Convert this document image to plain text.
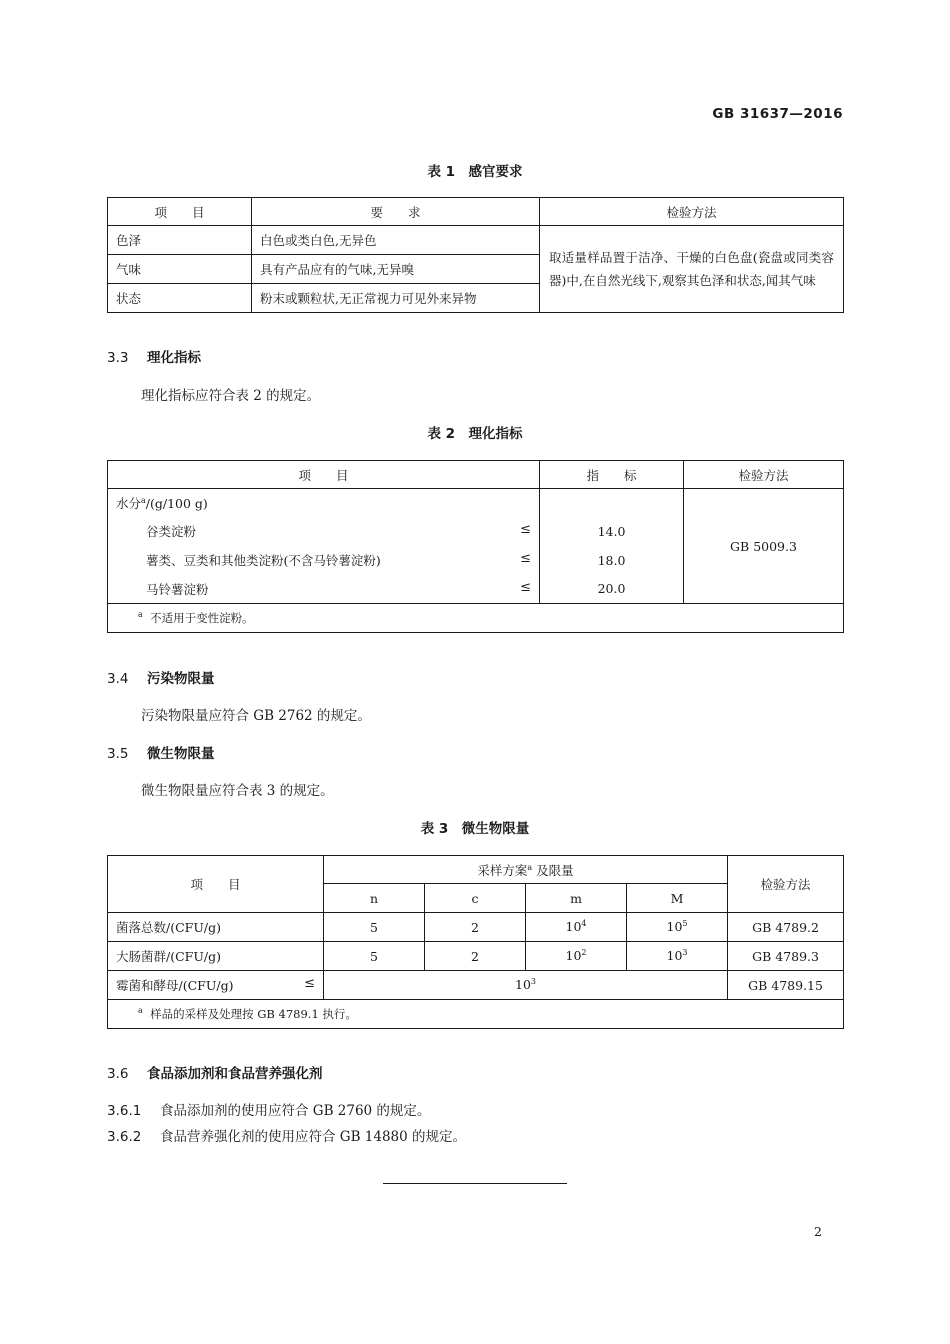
GB 31637—2016
表 1　感官要求
项　　目	要　　求	检验方法
色泽	白色或类白色,无异色	取适量样品置于洁净、干燥的白色盘(瓷盘或同类容器)中,在自然光线下,观察其色泽和状态,闻其气味
气味	具有产品应有的气味,无异嗅	
状态	粉末或颗粒状,无正常视力可见外来异物	
3.3 理化指标
理化指标应符合表 2 的规定。
表 2　理化指标
项　　目	指　　标	检验方法
水分$^a$/(g/100 g)		GB 5009.3
谷类淀粉 ≤	14.0	
薯类、豆类和其他类淀粉(不含马铃薯淀粉) ≤	18.0	
马铃薯淀粉 ≤	20.0	
$^a$ 不适用于变性淀粉。		
3.4 污染物限量
污染物限量应符合 GB 2762 的规定。
3.5 微生物限量
微生物限量应符合表 3 的规定。
表 3　微生物限量
项　　目	采样方案$^a$ 及限量				检验方法
	n	c	m	M	
菌落总数/(CFU/g)	5	2	$10^4$	$10^5$	GB 4789.2
大肠菌群/(CFU/g)	5	2	$10^2$	$10^3$	GB 4789.3
霉菌和酵母/(CFU/g) ≤	$10^3$				GB 4789.15
$^a$ 样品的采样及处理按 GB 4789.1 执行。					
3.6 食品添加剂和食品营养强化剂
3.6.1 食品添加剂的使用应符合 GB 2760 的规定。
3.6.2 食品营养强化剂的使用应符合 GB 14880 的规定。
2
